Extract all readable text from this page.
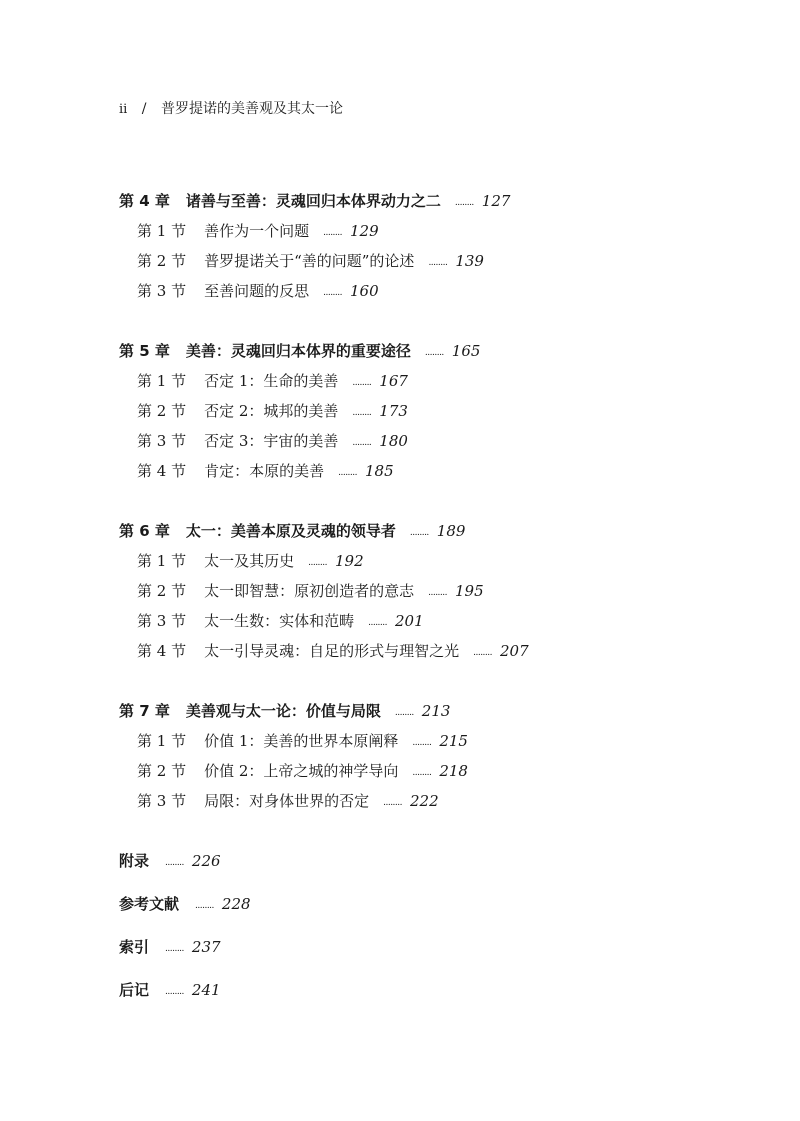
ii / 普罗提诺的美善观及其太一论
第 4 章 诸善与至善：灵魂回归本体界动力之二 ........ 127
第 1 节 善作为一个问题 ........ 129
第 2 节 普罗提诺关于“善的问题”的论述 ........ 139
第 3 节 至善问题的反思 ........ 160
第 5 章 美善：灵魂回归本体界的重要途径 ........ 165
第 1 节 否定 1：生命的美善 ........ 167
第 2 节 否定 2：城邦的美善 ........ 173
第 3 节 否定 3：宇宙的美善 ........ 180
第 4 节 肯定：本原的美善 ........ 185
第 6 章 太一：美善本原及灵魂的领导者 ........ 189
第 1 节 太一及其历史 ........ 192
第 2 节 太一即智慧：原初创造者的意志 ........ 195
第 3 节 太一生数：实体和范畴 ........ 201
第 4 节 太一引导灵魂：自足的形式与理智之光 ........ 207
第 7 章 美善观与太一论：价值与局限 ........ 213
第 1 节 价值 1：美善的世界本原阐释 ........ 215
第 2 节 价值 2：上帝之城的神学导向 ........ 218
第 3 节 局限：对身体世界的否定 ........ 222
附录 ........ 226
参考文献 ........ 228
索引 ........ 237
后记 ........ 241
